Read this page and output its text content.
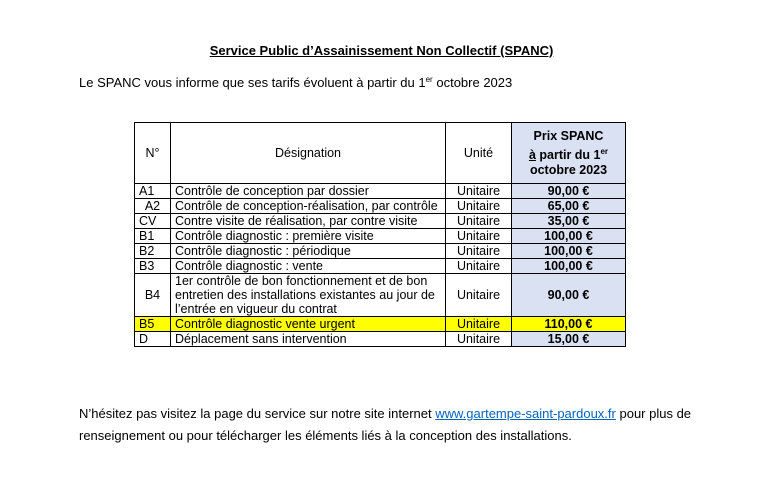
Service Public d’Assainissement Non Collectif (SPANC)
Le SPANC vous informe que ses tarifs évoluent à partir du 1er octobre 2023
N°	Désignation	Unité	Prix SPANC
à partir du 1er
octobre 2023
A1	Contrôle de conception par dossier	Unitaire	90,00 €
A2	Contrôle de conception-réalisation, par contrôle	Unitaire	65,00 €
CV	Contre visite de réalisation, par contre visite	Unitaire	35,00 €
B1	Contrôle diagnostic : première visite	Unitaire	100,00 €
B2	Contrôle diagnostic : périodique	Unitaire	100,00 €
B3	Contrôle diagnostic : vente	Unitaire	100,00 €
B4	1er contrôle de bon fonctionnement et de bon entretien des installations existantes au jour de l’entrée en vigueur du contrat	Unitaire	90,00 €
B5	Contrôle diagnostic vente urgent	Unitaire	110,00 €
D	Déplacement sans intervention	Unitaire	15,00 €
N’hésitez pas visitez la page du service sur notre site internet www.gartempe-saint-pardoux.fr pour plus de renseignement ou pour télécharger les éléments liés à la conception des installations.
